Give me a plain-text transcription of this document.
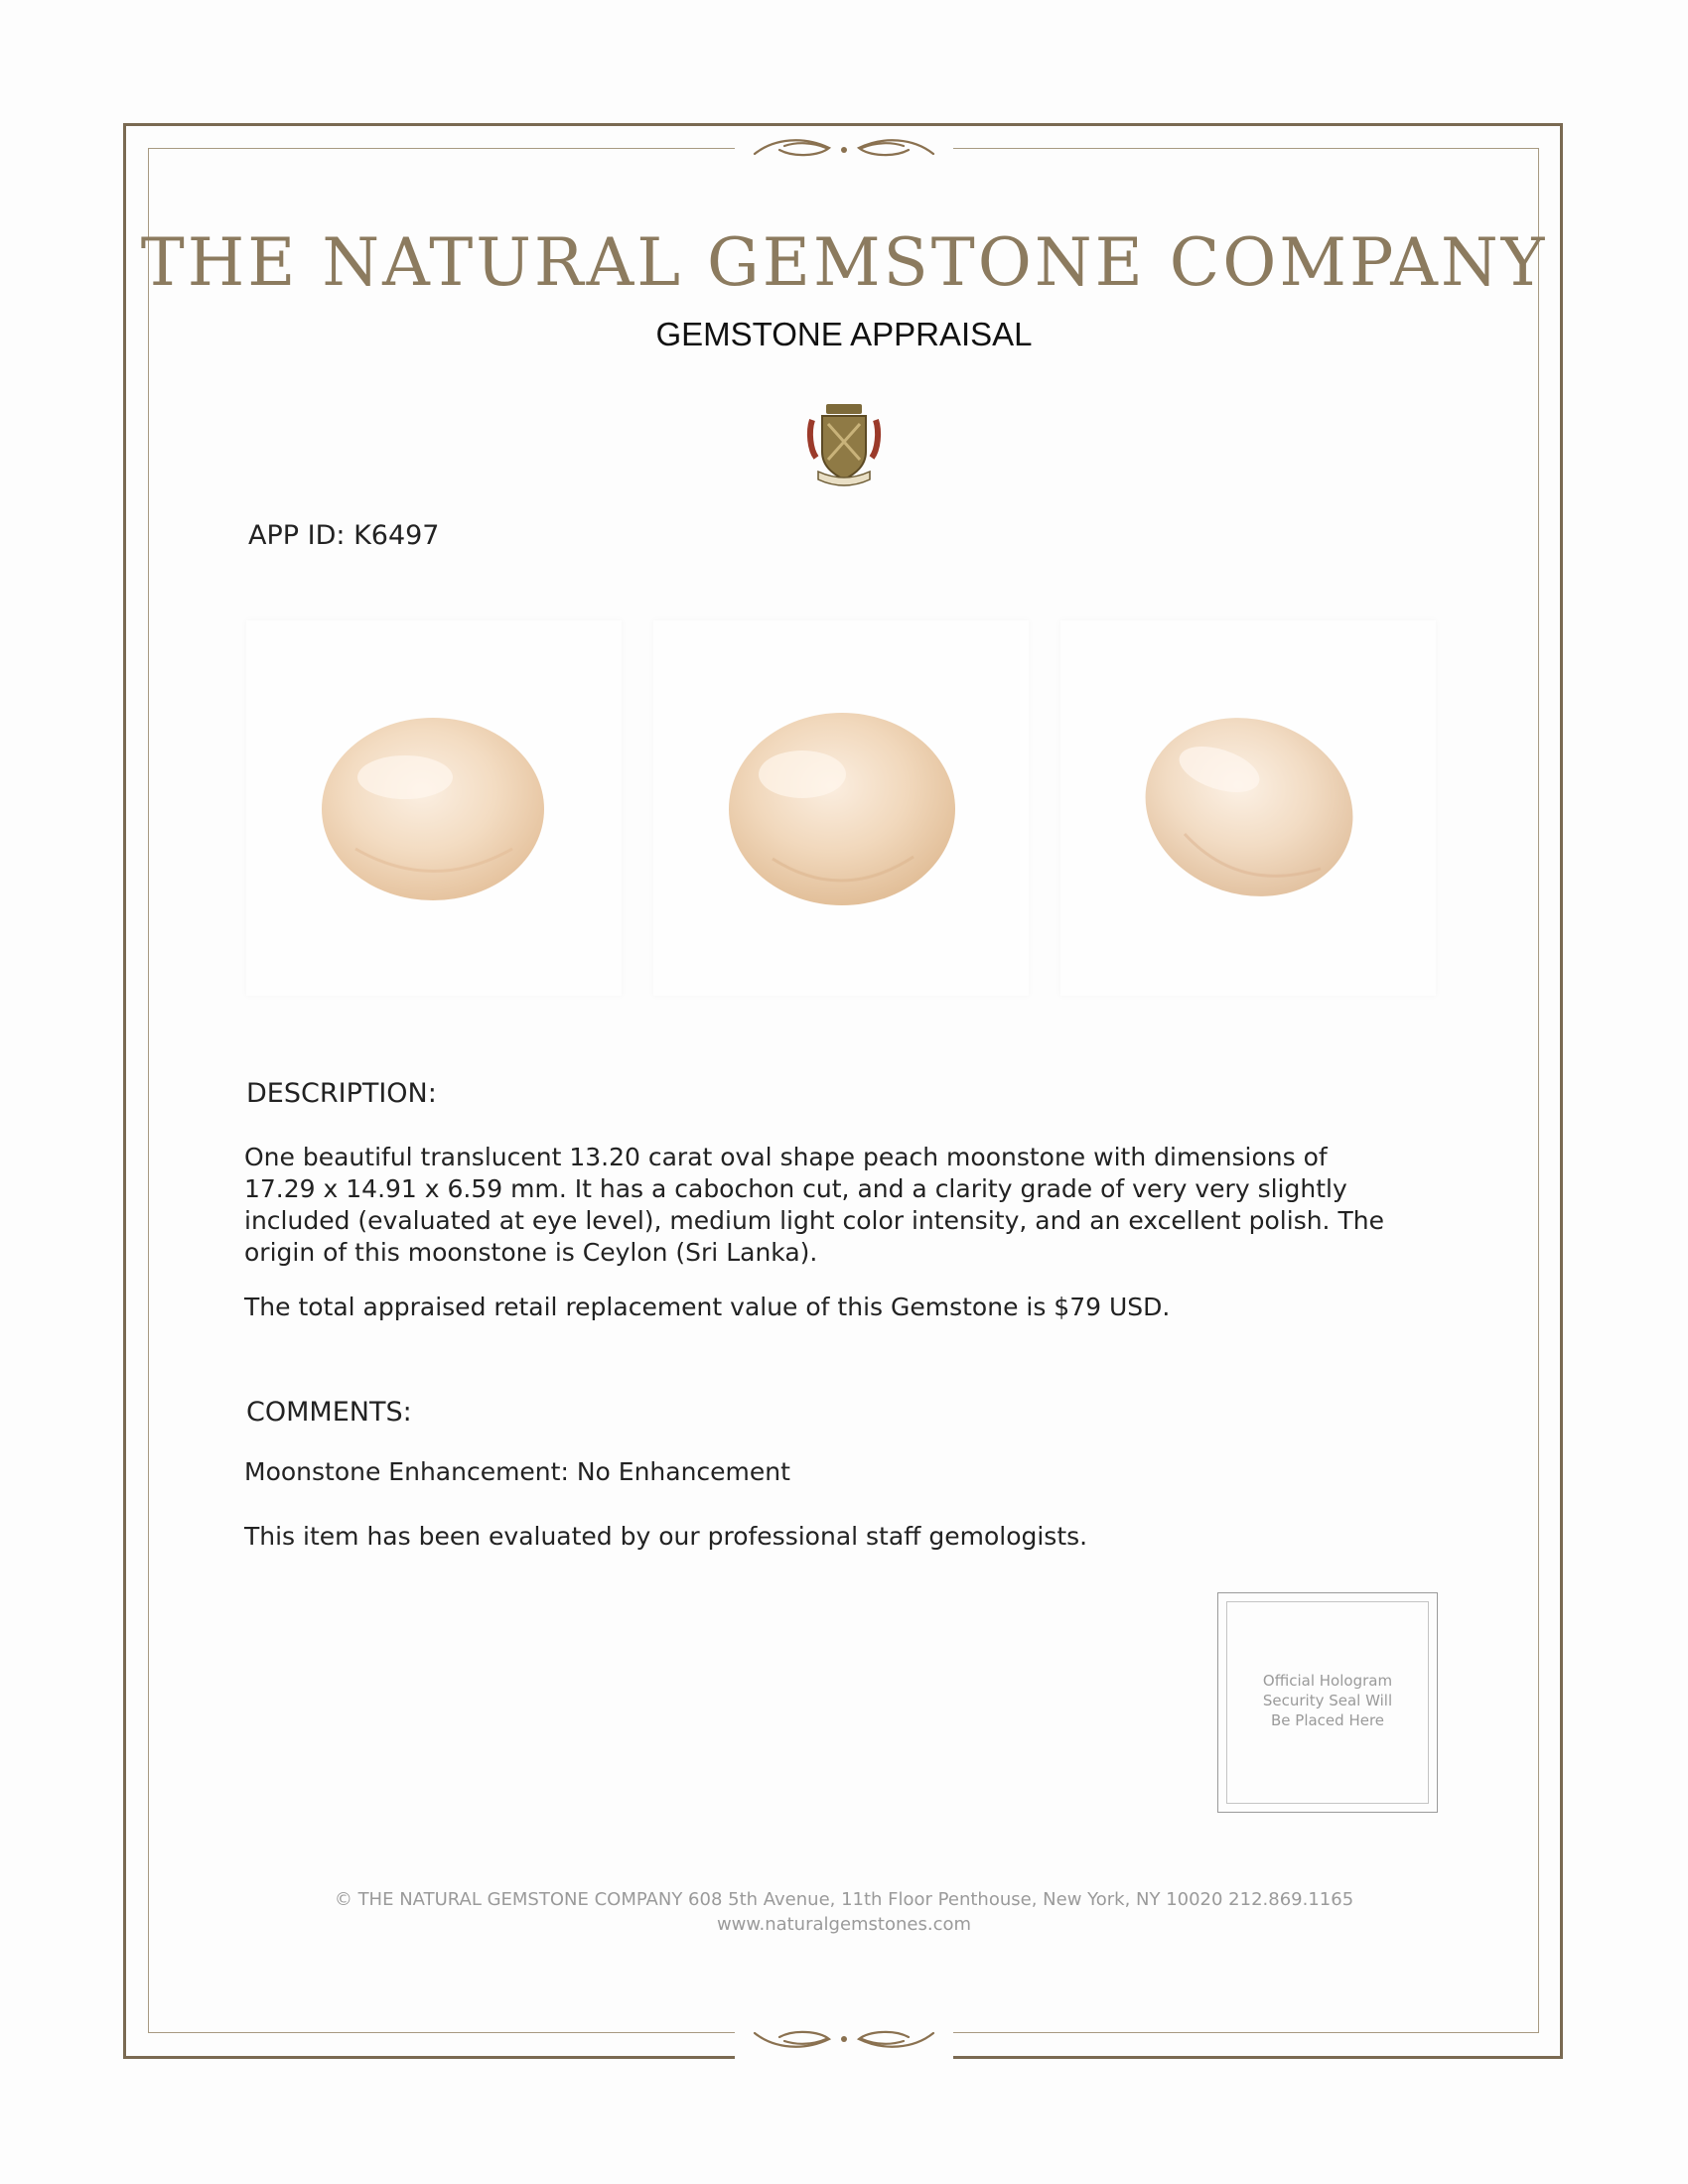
THE NATURAL GEMSTONE COMPANY
GEMSTONE APPRAISAL
APP ID: K6497
DESCRIPTION:
One beautiful translucent 13.20 carat oval shape peach moonstone with dimensions of 17.29 x 14.91 x 6.59 mm. It has a cabochon cut, and a clarity grade of very very slightly included (evaluated at eye level), medium light color intensity, and an excellent polish. The origin of this moonstone is Ceylon (Sri Lanka).
The total appraised retail replacement value of this Gemstone is $79 USD.
COMMENTS:
Moonstone Enhancement: No Enhancement
This item has been evaluated by our professional staff gemologists.
Official Hologram
Security Seal Will
Be Placed Here
© THE NATURAL GEMSTONE COMPANY 608 5th Avenue, 11th Floor Penthouse, New York, NY 10020 212.869.1165
www.naturalgemstones.com
